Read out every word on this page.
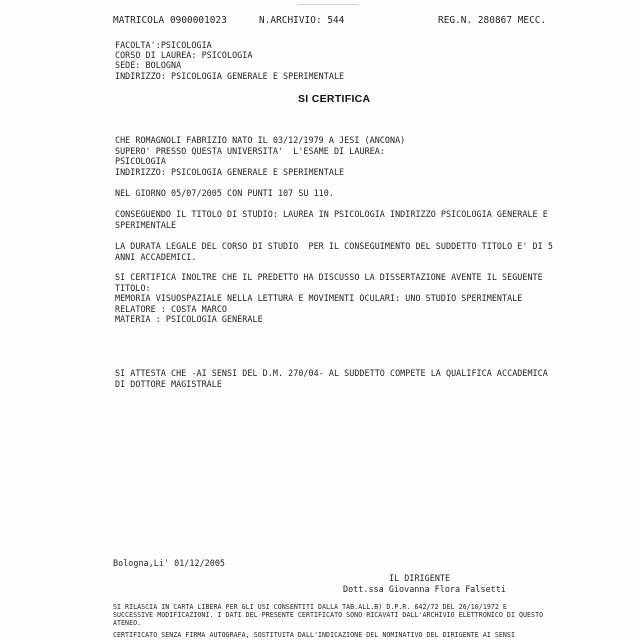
MATRICOLA 0900001023	N.ARCHIVIO: 544	REG.N. 280867 MECC.
FACOLTA':PSICOLOGIA
CORSO DI LAUREA: PSICOLOGIA
SEDE: BOLOGNA
INDIRIZZO: PSICOLOGIA GENERALE E SPERIMENTALE
SI CERTIFICA
CHE ROMAGNOLI FABRIZIO NATO IL 03/12/1979 A JESI (ANCONA)
SUPERO' PRESSO QUESTA UNIVERSITA'  L'ESAME DI LAUREA:
PSICOLOGIA
INDIRIZZO: PSICOLOGIA GENERALE E SPERIMENTALE
NEL GIORNO 05/07/2005 CON PUNTI 107 SU 110.
CONSEGUENDO IL TITOLO DI STUDIO: LAUREA IN PSICOLOGIA INDIRIZZO PSICOLOGIA GENERALE E
SPERIMENTALE
LA DURATA LEGALE DEL CORSO DI STUDIO  PER IL CONSEGUIMENTO DEL SUDDETTO TITOLO E' DI 5
ANNI ACCADEMICI.
SI CERTIFICA INOLTRE CHE IL PREDETTO HA DISCUSSO LA DISSERTAZIONE AVENTE IL SEGUENTE
TITOLO:
MEMORIA VISUOSPAZIALE NELLA LETTURA E MOVIMENTI OCULARI: UNO STUDIO SPERIMENTALE
RELATORE : COSTA MARCO
MATERIA : PSICOLOGIA GENERALE
SI ATTESTA CHE -AI SENSI DEL D.M. 270/04- AL SUDDETTO COMPETE LA QUALIFICA ACCADEMICA
DI DOTTORE MAGISTRALE
Bologna,Li' 01/12/2005
IL DIRIGENTE
Dott.ssa Giovanna Flora Falsetti
SI RILASCIA IN CARTA LIBERA PER GLI USI CONSENTITI DALLA TAB.ALL.B) D.P.R. 642/72 DEL 26/10/1972 E
SUCCESSIVE MODIFICAZIONI. I DATI DEL PRESENTE CERTIFICATO SONO RICAVATI DALL'ARCHIVIO ELETTRONICO DI QUESTO
ATENEO.
CERTIFICATO SENZA FIRMA AUTOGRAFA, SOSTITUITA DALL'INDICAZIONE DEL NOMINATIVO DEL DIRIGENTE AI SENSI
